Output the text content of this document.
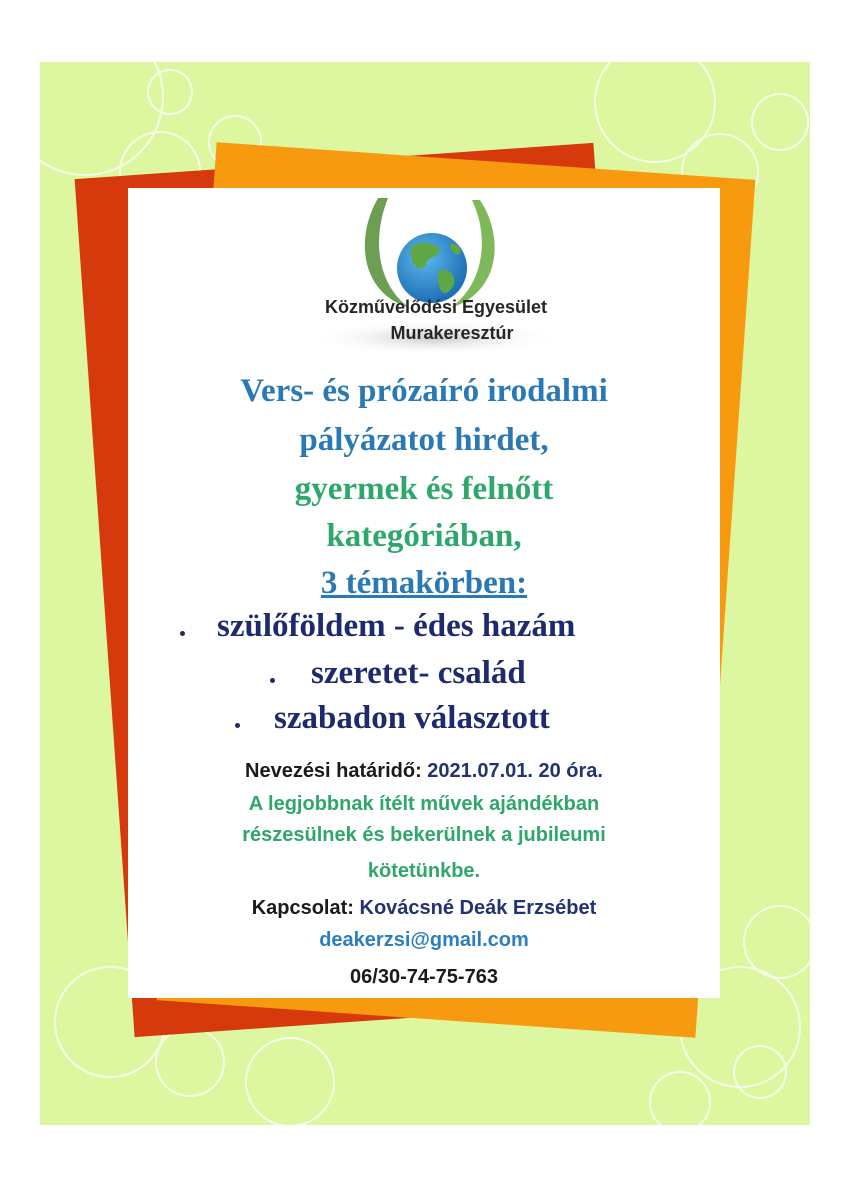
Közművelődési Egyesület
Murakeresztúr
Vers- és prózaíró irodalmi
pályázatot hirdet,
gyermek és felnőtt
kategóriában,
3 témakörben:
szülőföldem - édes hazám
szeretet- család
szabadon választott
Nevezési határidő: 2021.07.01. 20 óra.
A legjobbnak ítélt művek ajándékban
részesülnek és bekerülnek a jubileumi
kötetünkbe.
Kapcsolat: Kovácsné Deák Erzsébet
deakerzsi@gmail.com
06/30-74-75-763
